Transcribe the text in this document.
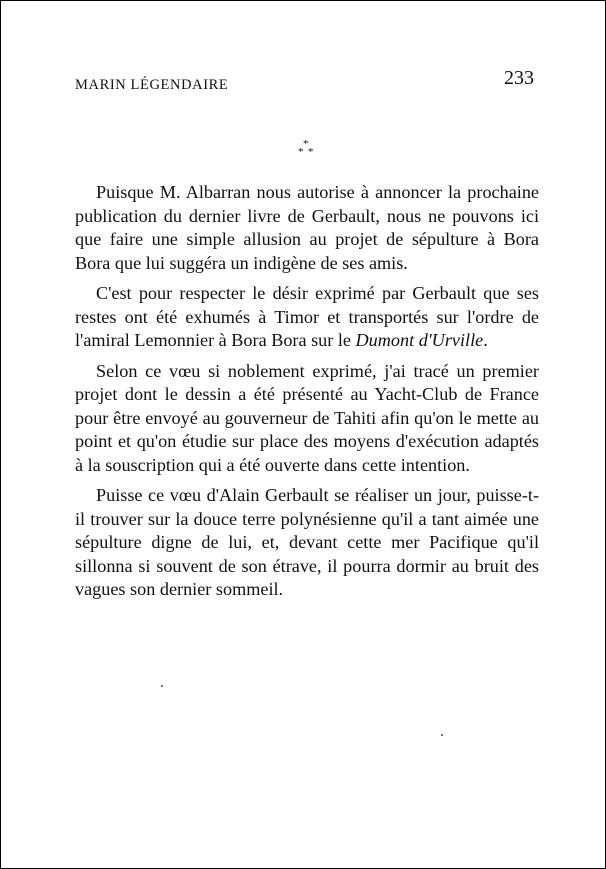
MARIN LÉGENDAIRE	233
*
* *

Puisque M. Albarran nous autorise à annoncer la prochaine publication du dernier livre de Gerbault, nous ne pouvons ici que faire une simple allusion au projet de sépulture à Bora Bora que lui suggéra un indigène de ses amis.

C'est pour respecter le désir exprimé par Gerbault que ses restes ont été exhumés à Timor et transportés sur l'ordre de l'amiral Lemonnier à Bora Bora sur le Dumont d'Urville.

Selon ce vœu si noblement exprimé, j'ai tracé un premier projet dont le dessin a été présenté au Yacht-Club de France pour être envoyé au gouverneur de Tahiti afin qu'on le mette au point et qu'on étudie sur place des moyens d'exécution adaptés à la souscription qui a été ouverte dans cette intention.

Puisse ce vœu d'Alain Gerbault se réaliser un jour, puisse-t-il trouver sur la douce terre polynésienne qu'il a tant aimée une sépulture digne de lui, et, devant cette mer Pacifique qu'il sillonna si souvent de son étrave, il pourra dormir au bruit des vagues son dernier sommeil.
